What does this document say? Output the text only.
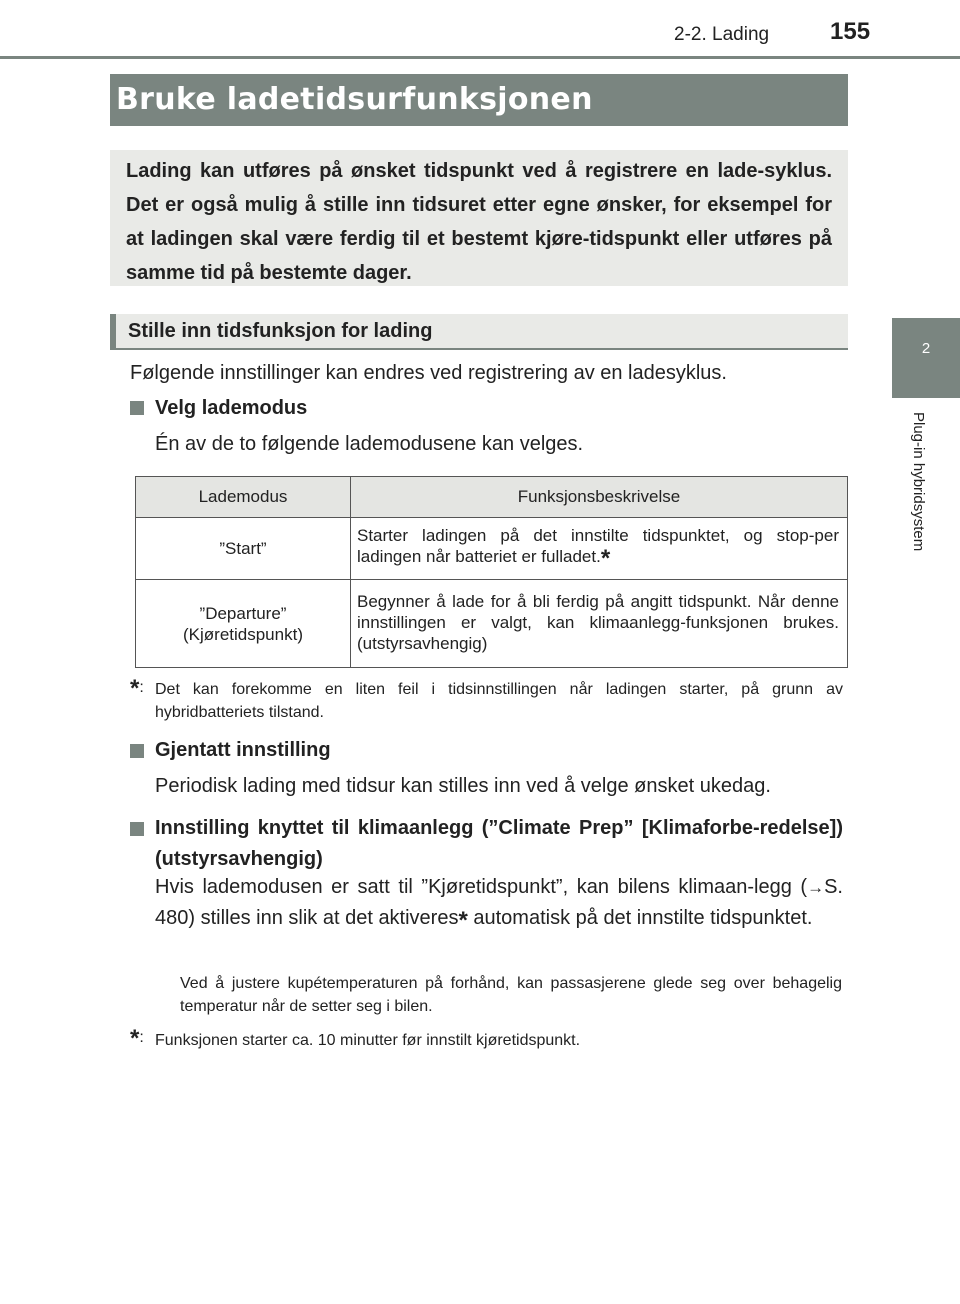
2-2. Lading	155
2
Plug-in hybridsystem
Bruke ladetidsurfunksjonen
Lading kan utføres på ønsket tidspunkt ved å registrere en lade-syklus. Det er også mulig å stille inn tidsuret etter egne ønsker, for eksempel for at ladingen skal være ferdig til et bestemt kjøre-tidspunkt eller utføres på samme tid på bestemte dager.
Stille inn tidsfunksjon for lading
Følgende innstillinger kan endres ved registrering av en ladesyklus.
Velg lademodus
Én av de to følgende lademodusene kan velges.
Lademodus	Funksjonsbeskrivelse
”Start”	Starter ladingen på det innstilte tidspunktet, og stop-per ladingen når batteriet er fulladet.*

”Departure”
(Kjøretidspunkt)	Begynner å lade for å bli ferdig på angitt tidspunkt. Når denne innstillingen er valgt, kan klimaanlegg-funksjonen brukes. (utstyrsavhengig)
*: Det kan forekomme en liten feil i tidsinnstillingen når ladingen starter, på grunn av hybridbatteriets tilstand.
Gjentatt innstilling
Periodisk lading med tidsur kan stilles inn ved å velge ønsket ukedag.
Innstilling knyttet til klimaanlegg (”Climate Prep” [Klimaforbe-redelse]) (utstyrsavhengig)
Hvis lademodusen er satt til ”Kjøretidspunkt”, kan bilens klimaan-legg (→S. 480) stilles inn slik at det aktiveres* automatisk på det innstilte tidspunktet.
Ved å justere kupétemperaturen på forhånd, kan passasjerene glede seg over behagelig temperatur når de setter seg i bilen.
*: Funksjonen starter ca. 10 minutter før innstilt kjøretidspunkt.
